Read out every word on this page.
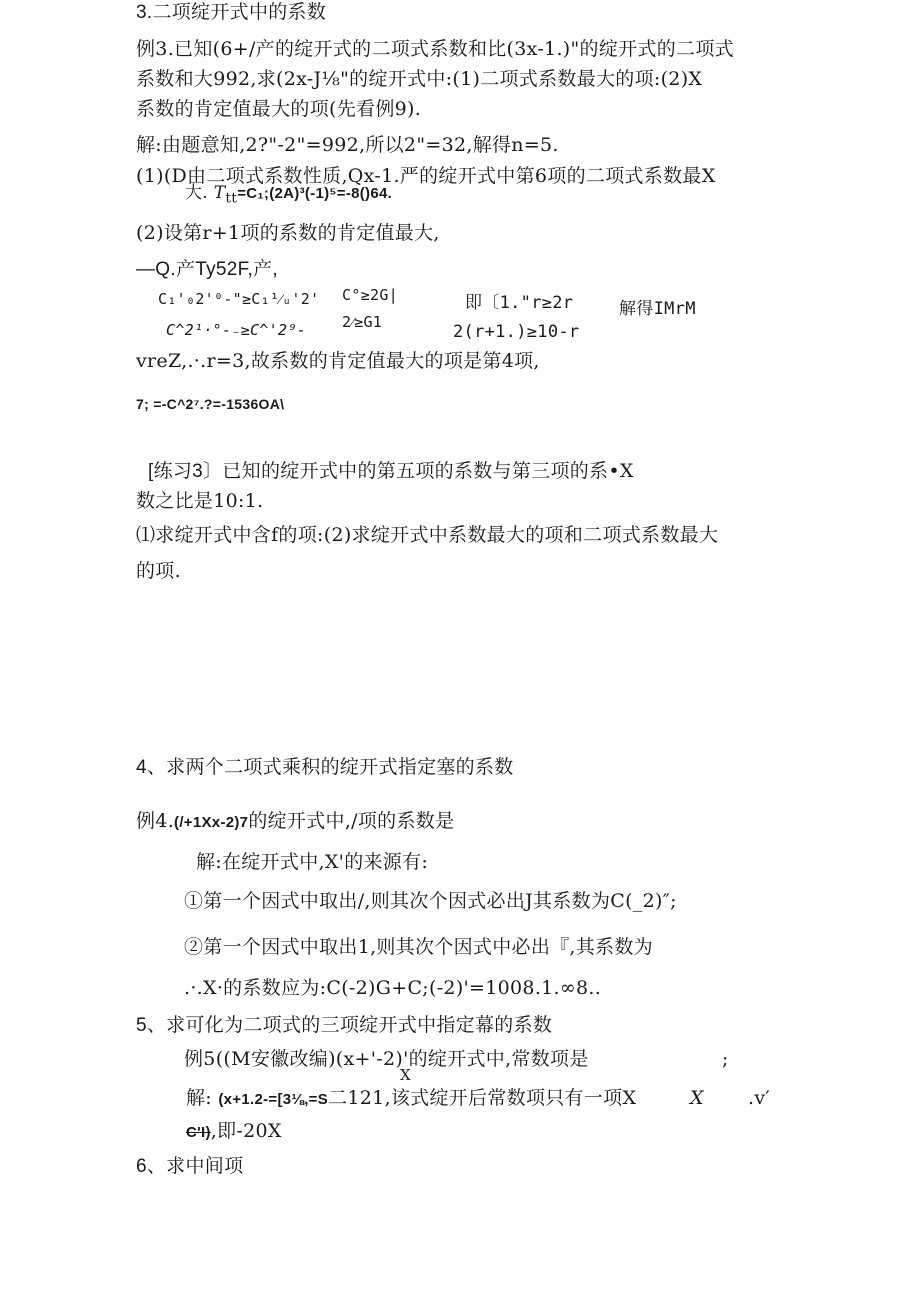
3.二项绽开式中的系数
例3.已知(6+/产的绽开式的二项式系数和比(3x-1.)"的绽开式的二项式
系数和大992,求(2x-J⅛"的绽开式中:(1)二项式系数最大的项:(2)X
系数的肯定值最大的项(先看例9).
解:由题意知,2?"-2"=992,所以2"=32,解得n=5.
(1)(D由二项式系数性质,Qx-1.严的绽开式中第6项的二项式系数最X
大. $T_{tt}=C_1;(2A)^3(-1)^5=-8()64$.
(2)设第r+1项的系数的肯定值最大,
—Q.产Ty52F,产,
C₁'₀2'⁰-"≥C₁¹⁄ᵤ'2' C°≥2G|
C^2¹·°-₋≥C^'2⁹- 2⁄≥G1
即〔1."r≥2r
2(r+1.)≥10-r
解得IMrM
vreZ,.·.r=3,故系数的肯定值最大的项是第4项,
7; =-C^2⁷.?=-1536OA\
[练习3〕已知的绽开式中的第五项的系数与第三项的系•X
数之比是10:1.
⑴求绽开式中含f的项:(2)求绽开式中系数最大的项和二项式系数最大
的项.
4、求两个二项式乘积的绽开式指定塞的系数
例4.(/+1Xx-2)7的绽开式中,/项的系数是
解:在绽开式中,X'的来源有:
①第一个因式中取出/,则其次个因式必出J其系数为C(_2)″;
②第一个因式中取出1,则其次个因式中必出『,其系数为
.·.X·的系数应为:C(-2)G+C;(-2)'=1008.1.∞8..
5、求可化为二项式的三项绽开式中指定幕的系数
例5((M安徽改编)(x+'-2)'的绽开式中,常数项是
X
;
解: (x+1.2-=[3⅛,=S二121,该式绽开后常数项只有一项X	X .v′
C'I),即-20X
6、求中间项
